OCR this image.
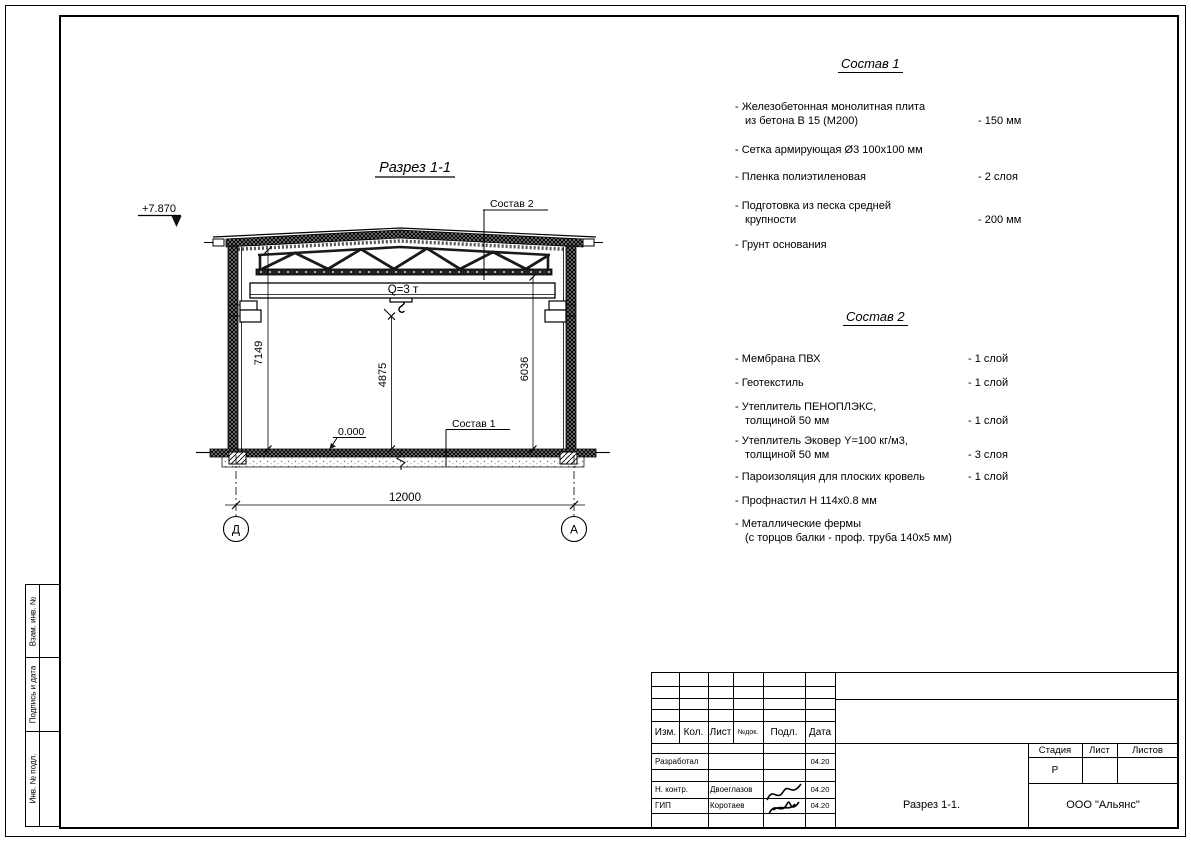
Взам. инв. №
Подпись и дата
Инв. № подл.
Разрез 1-1
+7.870
Q=3 т
0.000
Состав 2
Состав 1
7149
4875	6036
12000
Д	А
Состав 1
- Железобетонная монолитная плита
из бетона В 15 (М200)	- 150 мм
- Сетка армирующая Ø3 100х100 мм
- Пленка полиэтиленовая	- 2 слоя
- Подготовка из песка средней
крупности	- 200 мм
- Грунт основания
Состав 2
- Мембрана ПВХ	- 1 слой
- Геотекстиль	- 1 слой
- Утеплитель ПЕНОПЛЭКС,
толщиной 50 мм	- 1 слой
- Утеплитель Эковер Y=100 кг/м3,
толщиной 50 мм	- 3 слоя
- Пароизоляция для плоских кровель	- 1 слой
- Профнастил Н 114х0.8 мм
- Металлические фермы
(с торцов балки - проф. труба 140х5 мм)
Изм. Кол. Лист №док.	Подл.	Дата
Разработал	04.20
Н. контр.	Двоеглазов	04.20
ГИП	Коротаев	04.20
Стадия	Лист	Листов
Р
Разрез 1-1.	ООО "Альянс"
